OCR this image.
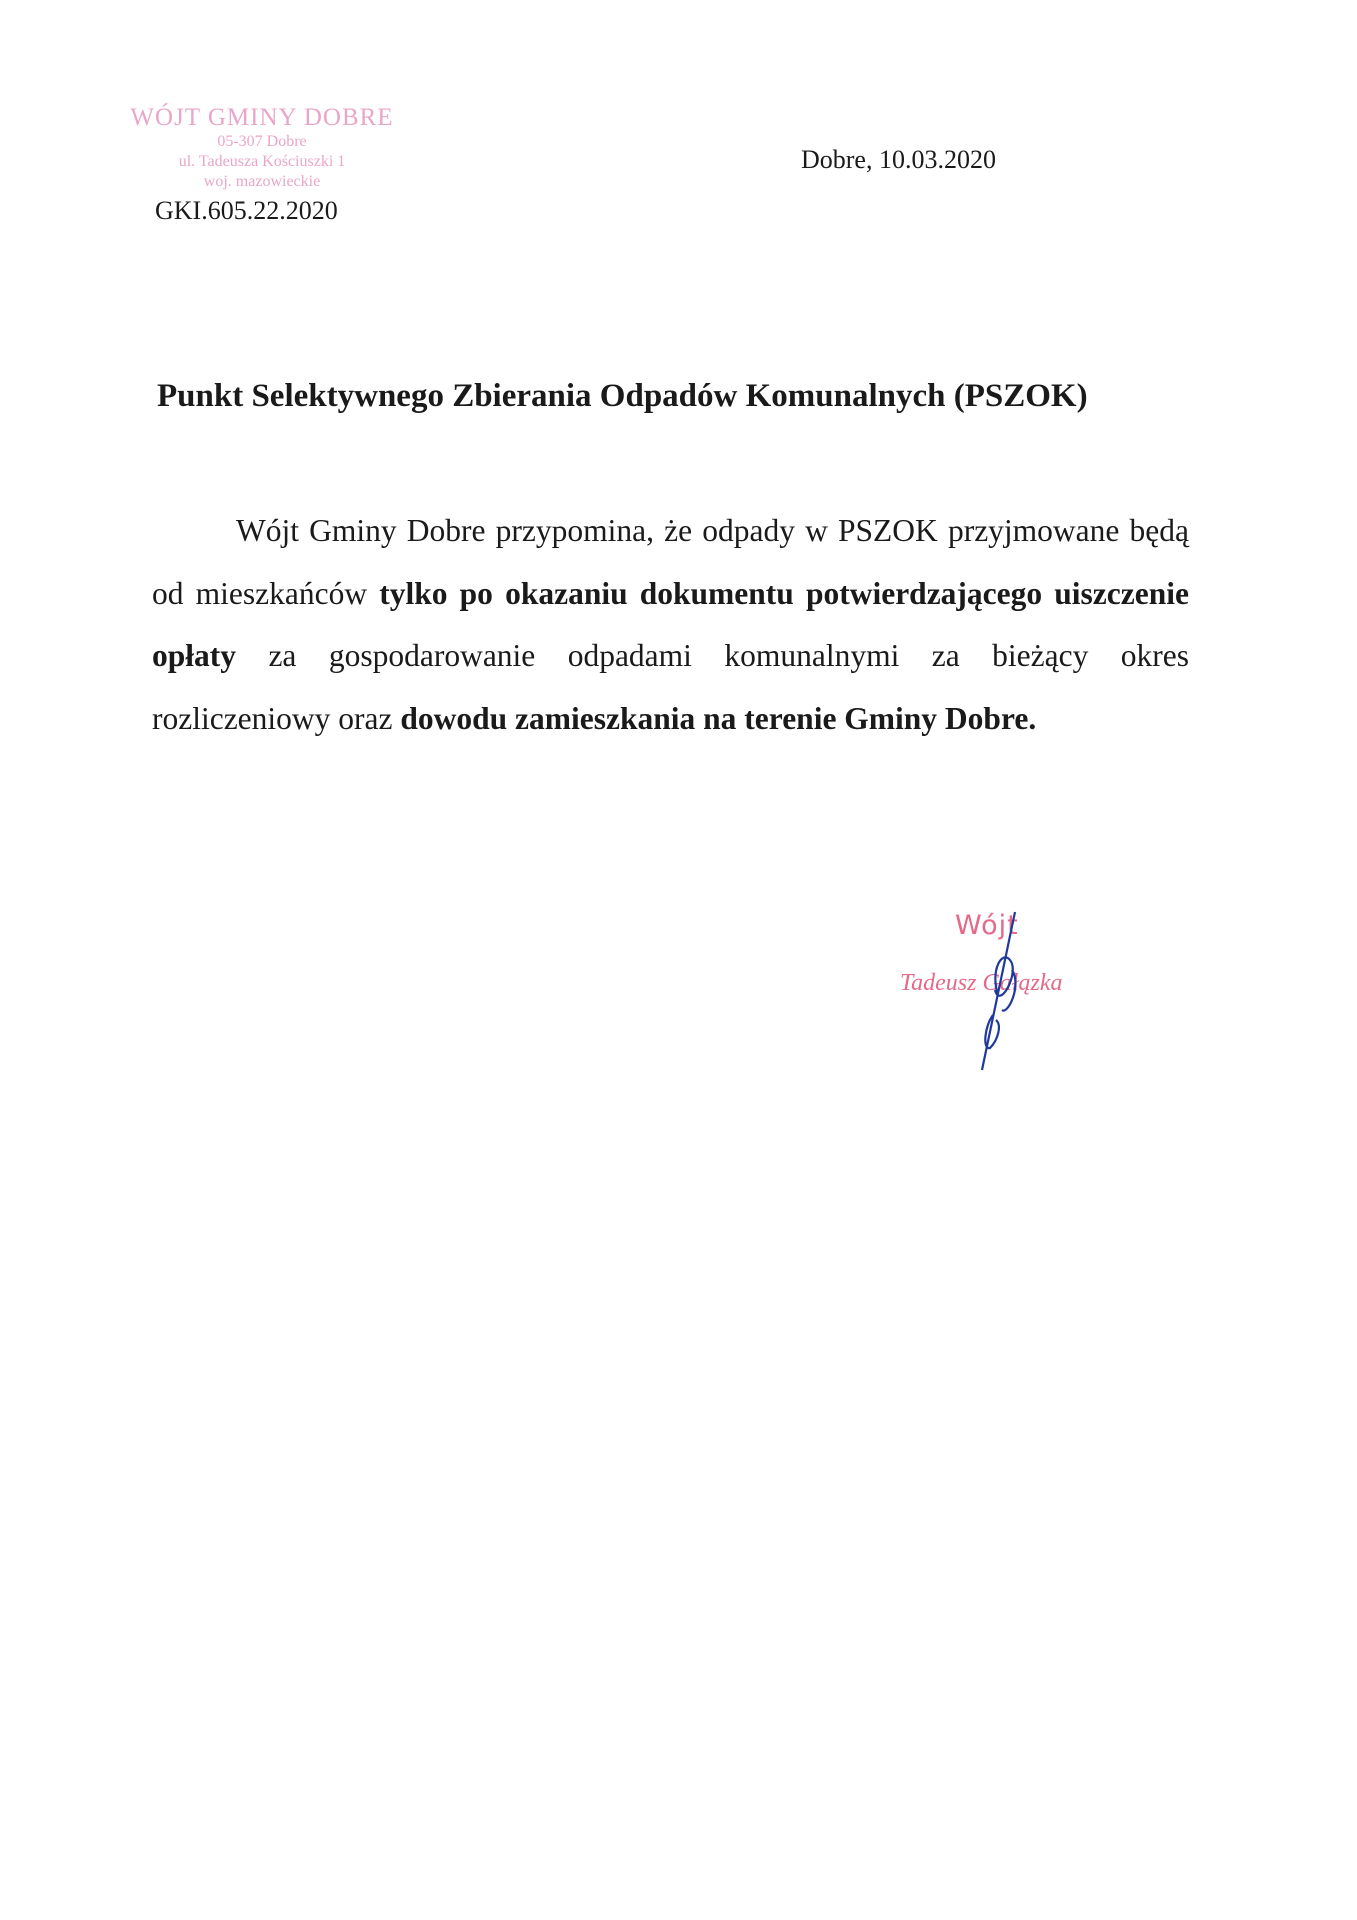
WÓJT GMINY DOBRE
05-307 Dobre
ul. Tadeusza Kościuszki 1
woj. mazowieckie
GKI.605.22.2020
Dobre, 10.03.2020
Punkt Selektywnego Zbierania Odpadów Komunalnych (PSZOK)
Wójt Gminy Dobre przypomina, że odpady w PSZOK przyjmowane będą od mieszkańców tylko po okazaniu dokumentu potwierdzającego uiszczenie opłaty za gospodarowanie odpadami komunalnymi za bieżący okres rozliczeniowy oraz dowodu zamieszkania na terenie Gminy Dobre.
Wójt
Tadeusz Gałązka
